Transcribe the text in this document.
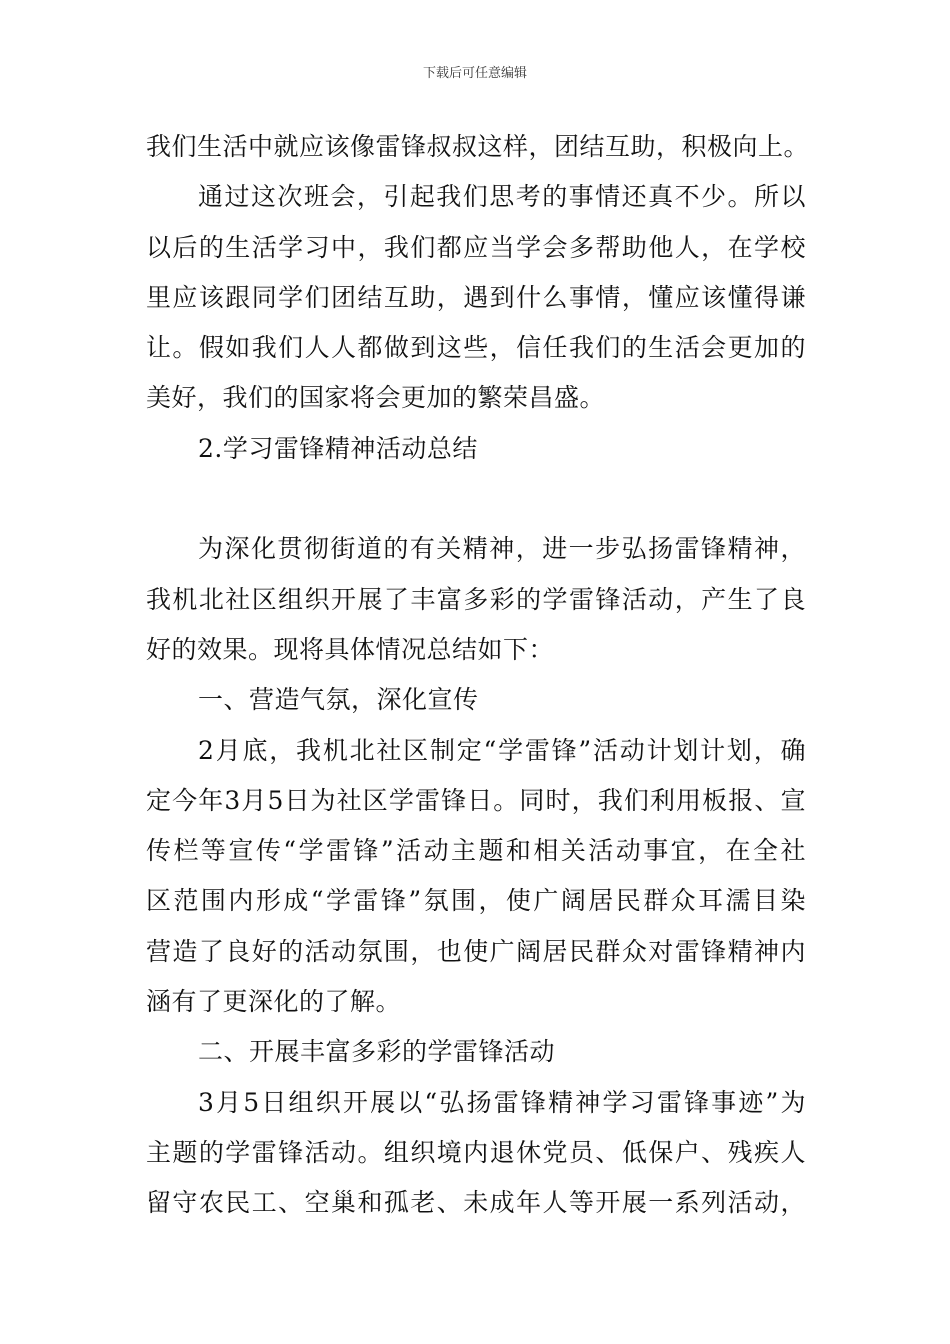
下载后可任意编辑
我们生活中就应该像雷锋叔叔这样，团结互助，积极向上。
通过这次班会，引起我们思考的事情还真不少。所以
以后的生活学习中，我们都应当学会多帮助他人，在学校
里应该跟同学们团结互助，遇到什么事情，懂应该懂得谦
让。假如我们人人都做到这些，信任我们的生活会更加的
美好，我们的国家将会更加的繁荣昌盛。
2.学习雷锋精神活动总结
为深化贯彻街道的有关精神，进一步弘扬雷锋精神，
我机北社区组织开展了丰富多彩的学雷锋活动，产生了良
好的效果。现将具体情况总结如下：
一、营造气氛，深化宣传
2月底，我机北社区制定“学雷锋”活动计划计划，确
定今年3月5日为社区学雷锋日。同时，我们利用板报、宣
传栏等宣传“学雷锋”活动主题和相关活动事宜，在全社
区范围内形成“学雷锋”氛围，使广阔居民群众耳濡目染
营造了良好的活动氛围，也使广阔居民群众对雷锋精神内
涵有了更深化的了解。
二、开展丰富多彩的学雷锋活动
3月5日组织开展以“弘扬雷锋精神学习雷锋事迹”为
主题的学雷锋活动。组织境内退休党员、低保户、残疾人
留守农民工、空巢和孤老、未成年人等开展一系列活动，
